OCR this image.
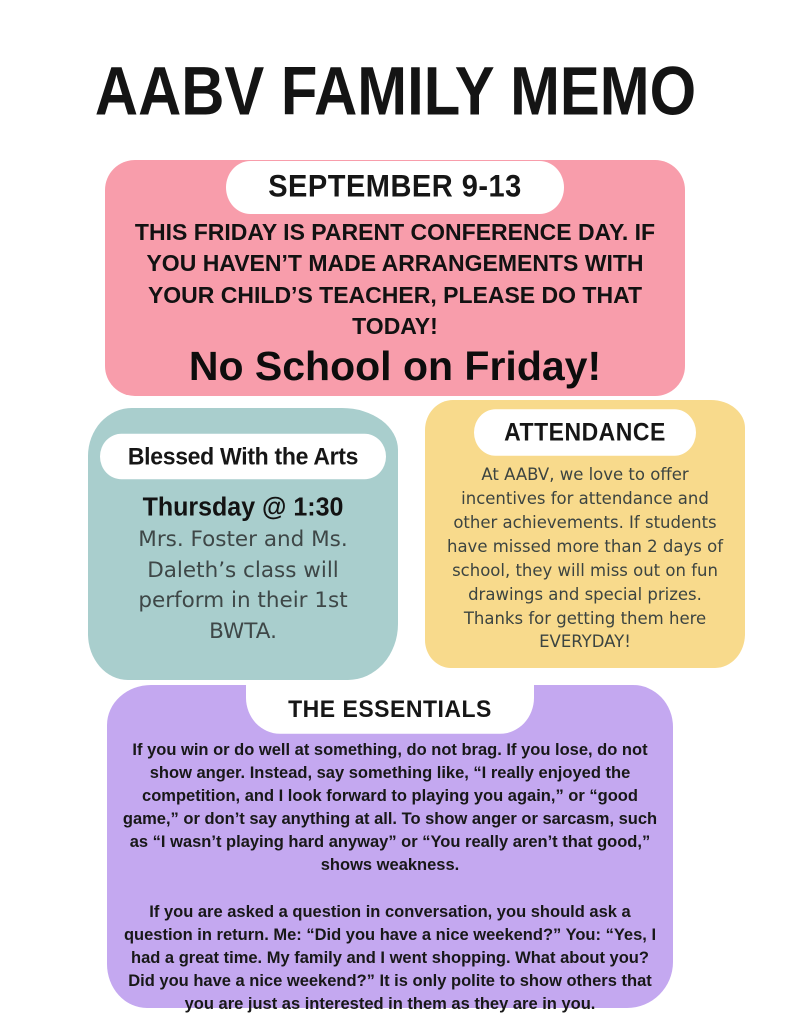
AABV FAMILY MEMO
SEPTEMBER 9-13
THIS FRIDAY IS PARENT CONFERENCE DAY. IF YOU HAVEN’T MADE ARRANGEMENTS WITH YOUR CHILD’S TEACHER, PLEASE DO THAT TODAY!
No School on Friday!
Blessed With the Arts
Thursday @ 1:30
Mrs. Foster and Ms. Daleth’s class will perform in their 1st BWTA.
ATTENDANCE
At AABV, we love to offer incentives for attendance and other achievements. If students have missed more than 2 days of school, they will miss out on fun drawings and special prizes. Thanks for getting them here EVERYDAY!
THE ESSENTIALS
If you win or do well at something, do not brag. If you lose, do not show anger. Instead, say something like, “I really enjoyed the competition, and I look forward to playing you again,” or “good game,” or don’t say anything at all. To show anger or sarcasm, such as “I wasn’t playing hard anyway” or “You really aren’t that good,” shows weakness.
If you are asked a question in conversation, you should ask a question in return. Me: “Did you have a nice weekend?” You: “Yes, I had a great time. My family and I went shopping. What about you? Did you have a nice weekend?” It is only polite to show others that you are just as interested in them as they are in you.
